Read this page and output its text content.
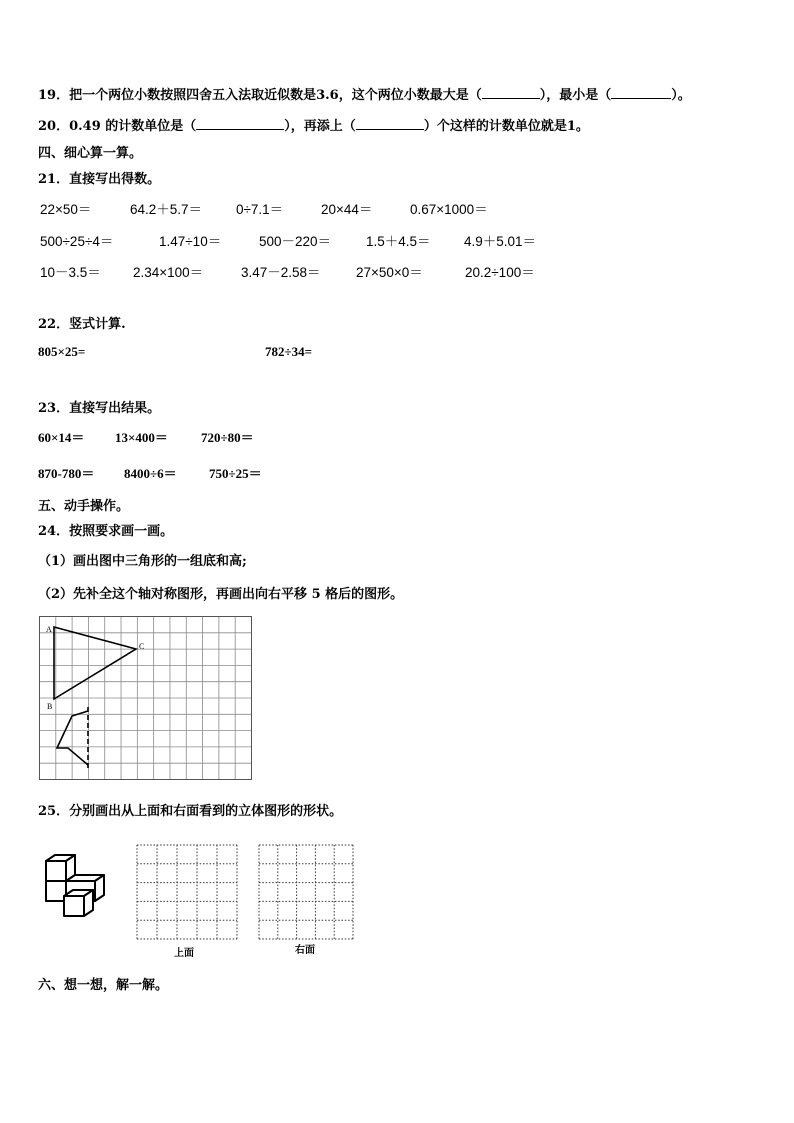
19．把一个两位小数按照四舍五入法取近似数是3.6，这个两位小数最大是（	），最小是（	）。
20．0.49 的计数单位是（	），再添上（	）个这样的计数单位就是1。
四、细心算一算。
21．直接写出得数。
22×50＝	64.2＋5.7＝	0÷7.1＝	20×44＝	0.67×1000＝
500÷25÷4＝	1.47÷10＝	500－220＝	1.5＋4.5＝ 4.9＋5.01＝
10－3.5＝ 2.34×100＝	3.47－2.58＝	27×50×0＝	20.2÷100＝
22．竖式计算.
805×25=	782÷34=
23．直接写出结果。
60×14＝ 13×400＝	720÷80＝
870-780＝ 8400÷6＝ 750÷25＝
五、动手操作。
24．按照要求画一画。
（1）画出图中三角形的一组底和高;
（2）先补全这个轴对称图形，再画出向右平移 5 格后的图形。
A
B
C
25．分别画出从上面和右面看到的立体图形的形状。
上面	右面
六、想一想，解一解。
